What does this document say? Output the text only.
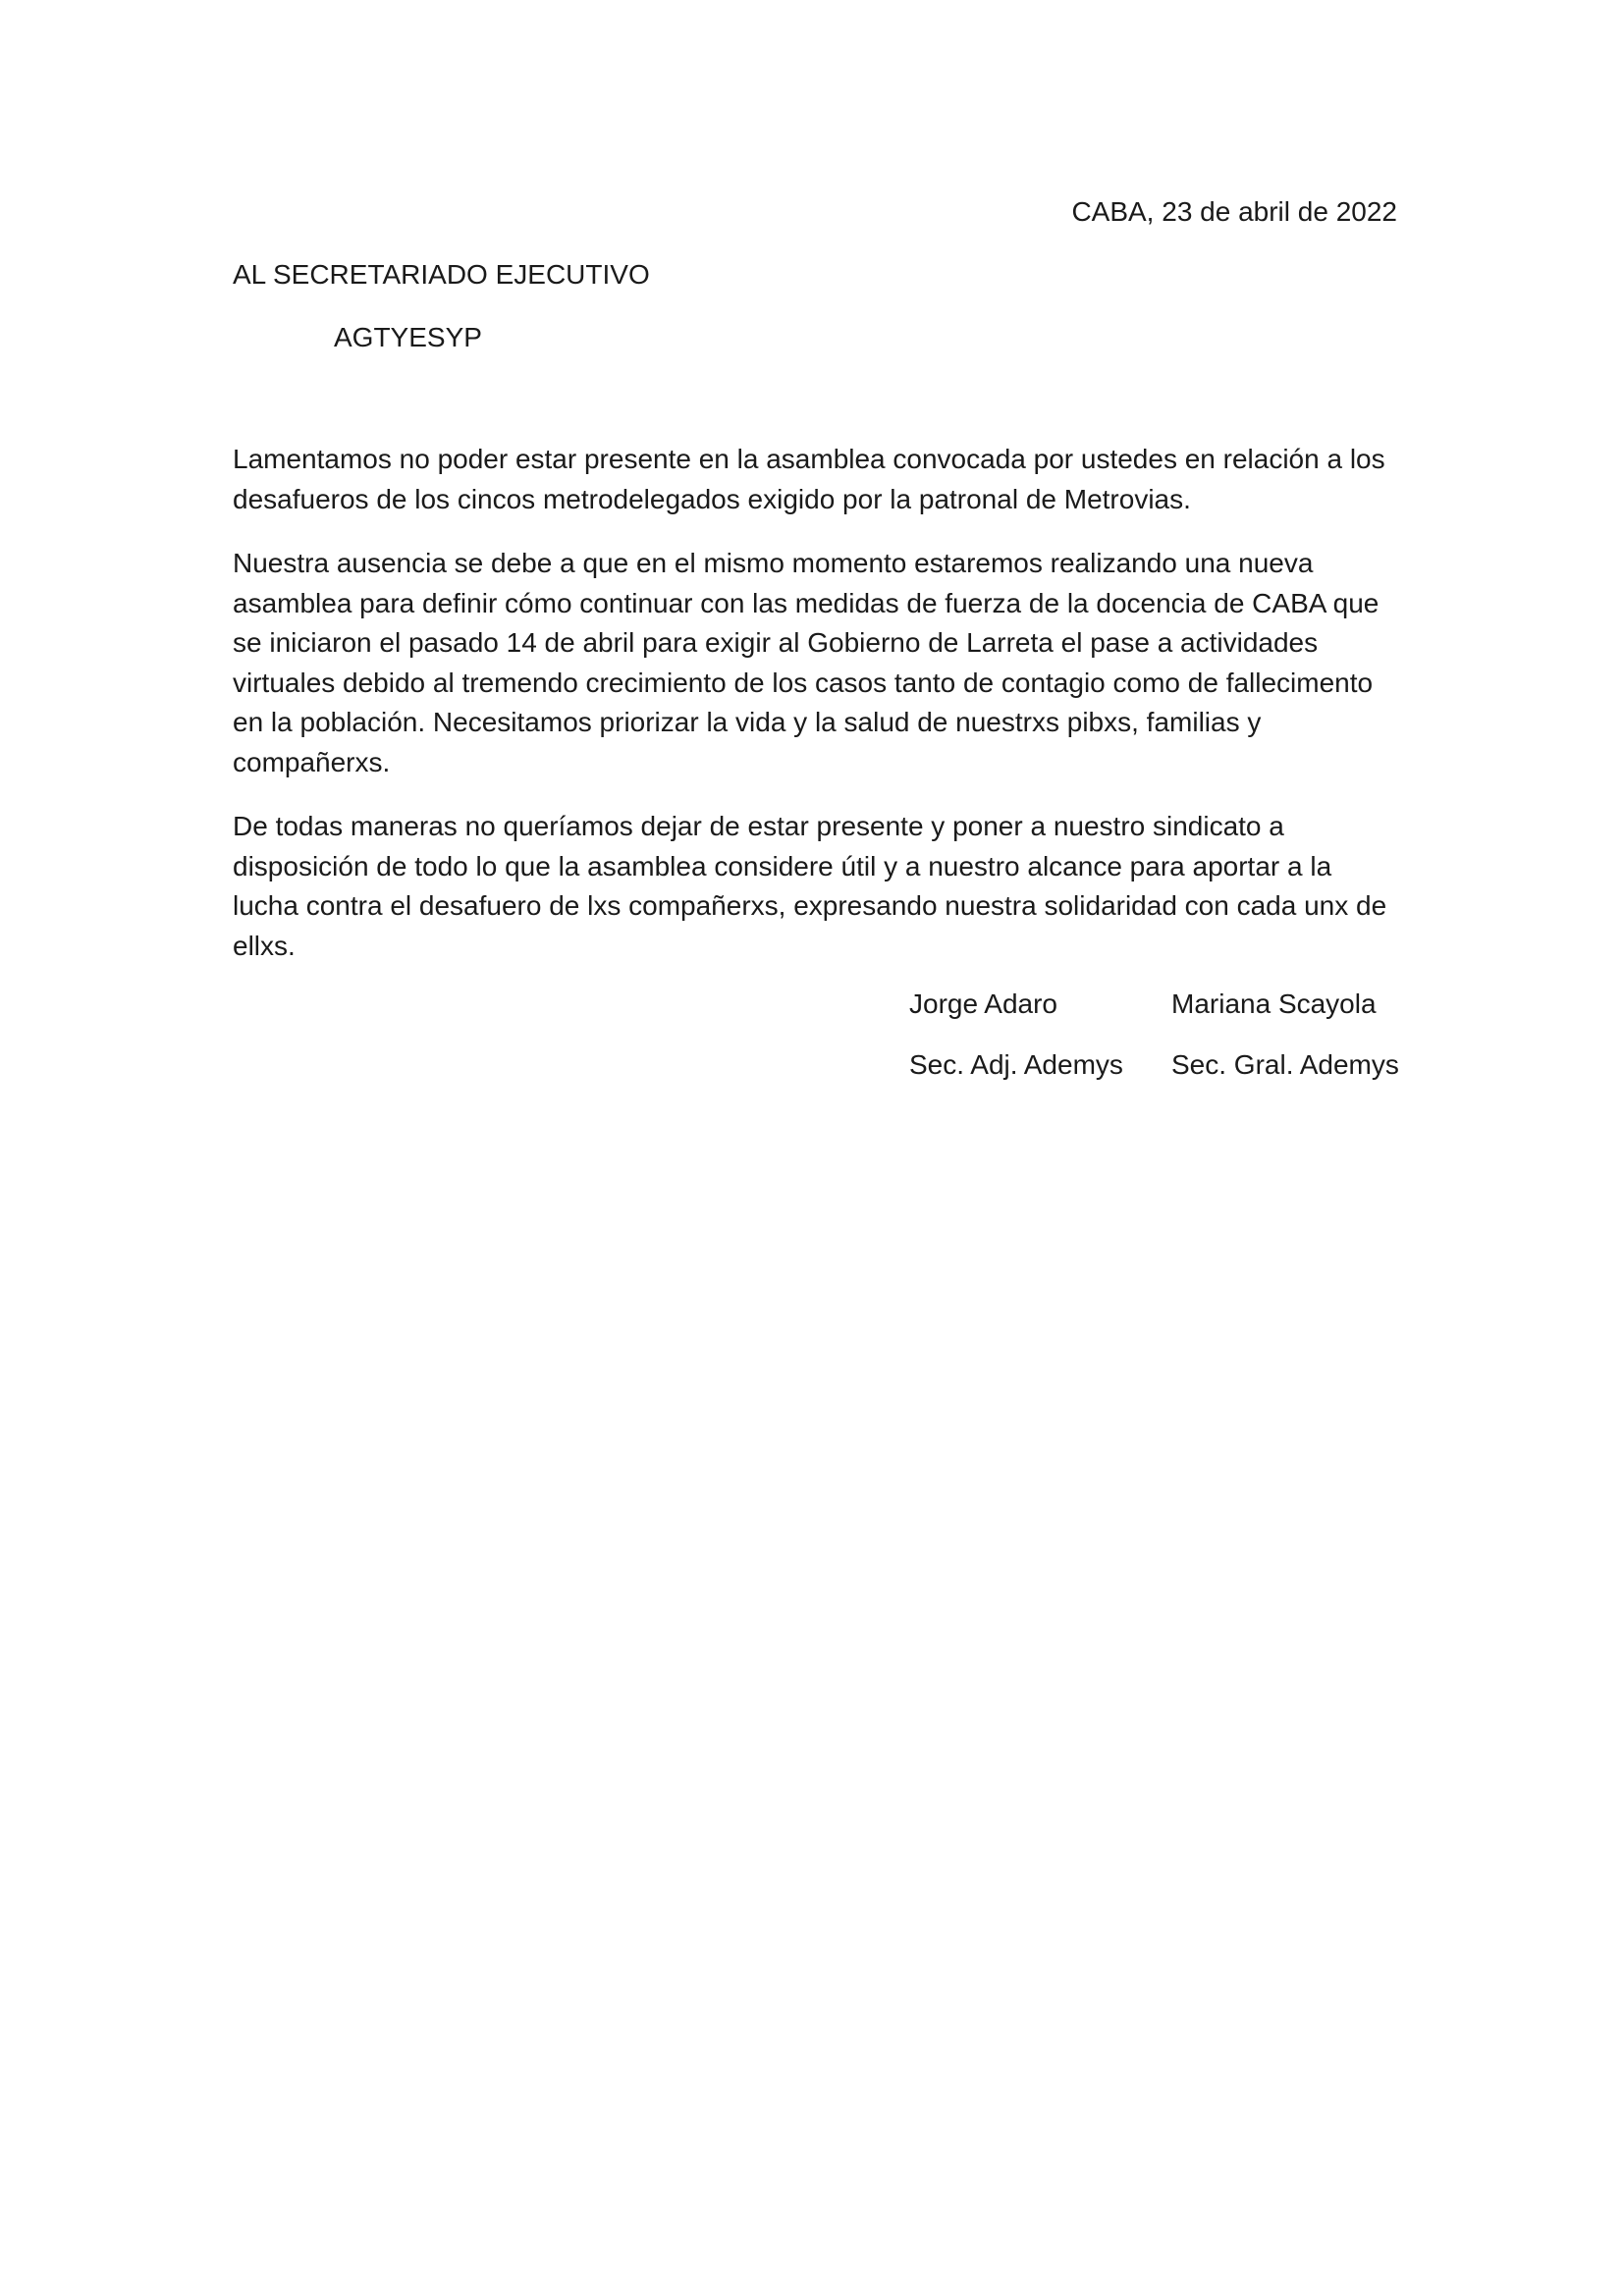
CABA, 23 de abril de 2022
AL SECRETARIADO EJECUTIVO
AGTYESYP

Lamentamos no poder estar presente en la asamblea convocada por ustedes en relación a los
desafueros de los cincos metrodelegados exigido por la patronal de Metrovias.

Nuestra ausencia se debe a que en el mismo momento estaremos realizando una nueva
asamblea para definir cómo continuar con las medidas de fuerza de la docencia de CABA que
se iniciaron el pasado 14 de abril para exigir al Gobierno de Larreta el pase a actividades
virtuales debido al tremendo crecimiento de los casos tanto de contagio como de fallecimento
en la población. Necesitamos priorizar la vida y la salud de nuestrxs pibxs, familias y
compañerxs.

De todas maneras no queríamos dejar de estar presente y poner a nuestro sindicato a
disposición de todo lo que la asamblea considere útil y a nuestro alcance para aportar a la
lucha contra el desafuero de lxs compañerxs, expresando nuestra solidaridad con cada unx de
ellxs.

Jorge Adaro	Mariana Scayola
Sec. Adj. Ademys Sec. Gral. Ademys
